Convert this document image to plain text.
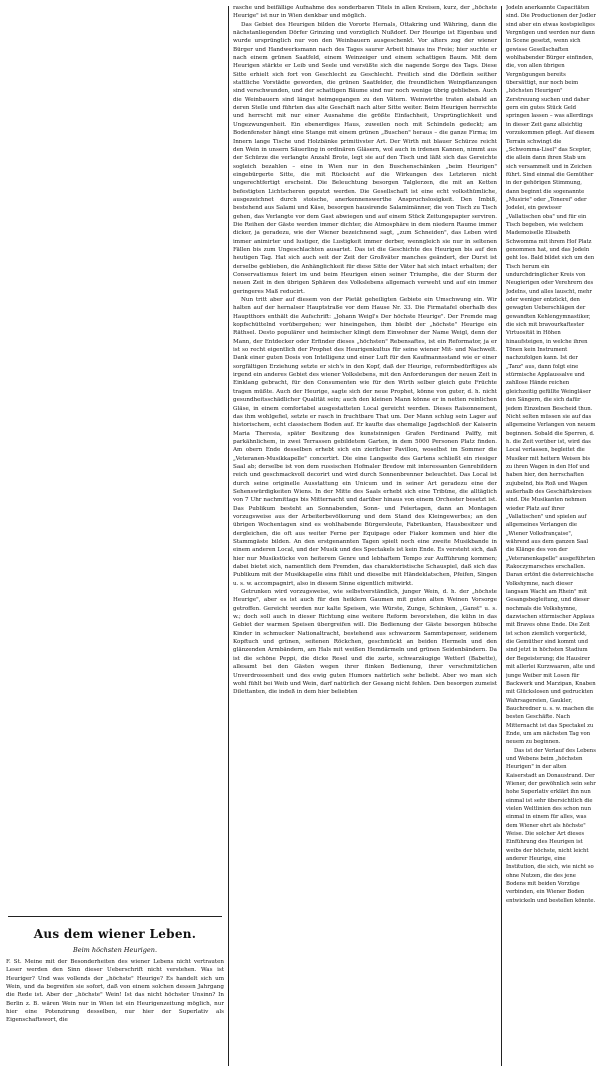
Aus dem wiener Leben.
Beim höchsten Heurigen.

F. St. Meine mit der Besonderheiten des wiener Lebens nicht vertrauten Leser werden den Sinn dieser Ueberschrift nicht verstehen. Was ist Heuriger? Und was vollends der „höchste" Heurige? Es handelt sich um Wein, und da begreifen sie sofort, daß von einem solchen dessen Jahrgang die Rede ist. Aber der „höchste" Wein! Ist das nicht höchster Unsinn? In Berlin z. B. wären Wein nur in Wien ist ein Heurigenzeitung möglich, nur hier eine Potenzirung desselben, nur hier der Superlativ als Eigenschaftswort, die

rasche und beifällige Aufnahme des sonderbaren Titels in allen Kreisen, kurz, der „höchste Heurige" ist nur in Wien denkbar und möglich.

Das Gebiet des Heurigen bilden die Vororte Hernals, Ottakring und Währing, dann die nächstanliegenden Dörfer Grinzing und vorzüglich Nußdorf. Der Heurige ist Eigenbau und wurde ursprünglich nur von den Weinbauern ausgeschenkt. Vor alters zog der wiener Bürger und Handwerksmann nach des Tages saurer Arbeit hinaus ins Freie; hier suchte er nach einem grünen Saatfeld, einem Weinzeiger und einem schattigen Baum. Mit dem Heurigen stärkte er Leib und Seele und versüßte sich die nagende Sorge des Tags. Diese Sitte erhielt sich fort von Geschlecht zu Geschlecht. Freilich sind die Dörflein seither stattliche Vorstädte geworden, die grünen Saatfelder, die freundlichen Weinpflanzungen sind verschwunden, und der schattigen Bäume sind nur noch wenige übrig geblieben. Auch die Weinbauern sind längst heimgegangen zu den Vätern. Weinwirthe traten alsbald an deren Stelle und führten das alte Geschäft nach alter Sitte weiter. Beim Heurigen herrschte und herrscht mit nur einer Ausnahme die größte Einfachheit, Ursprünglichkeit und Ungezwungenheit. Ein ebenerdiges Haus, zuweilen noch mit Schindeln gedeckt; am Bodenfenster hängt eine Stange mit einem grünen „Buschen" heraus – die ganze Firma; im Innern lange Tische und Holzbänke primitivster Art. Der Wirth mit blauer Schürze reicht den Wein in unsern Säuerling in ordinären Gläsern, wol auch in irdenen Kannen, nimmt aus der Schürze die verlangte Anzahl Brote, legt sie auf den Tisch und läßt sich das Gereichte sogleich bezahlen – eine in Wien nur in den Buschenschänken „beim Heurigen" eingebürgerte Sitte, die mit Rücksicht auf die Wirkungen des Letzteren nicht ungerechtfertigt erscheint. Die Beleuchtung besorgen Talglerzen, die mit an Ketten befestigten Lichtscheren geputzt werden. Die Gesellschaft ist eine echt volksthümliche, ausgezeichnet durch stoische, anerkennenswerthe Anspruchslosigkeit. Den Imbiß, bestehend aus Salami und Käse, besorgen hausirende Salamimänner, die von Tisch zu Tisch gehen, das Verlangte vor dem Gast abwiegen und auf einem Stück Zeitungspapier serviren. Die Reihen der Gäste werden immer dichter, die Atmosphäre in dem niedern Raume immer dicker, ja geradezu, wie der Wiener bezeichnend sagt, „zum Schneiden", das Leben wird immer animirter und lustiger, die Lustigkeit immer derber, wenngleich sie nur in seltenen Fällen bis zum Ungeschlachten ausartet. Das ist die Geschichte des Heurigen bis auf den heutigen Tag. Hat sich auch seit der Zeit der Großväter manches geändert, der Durst ist derselbe geblieben, die Anhänglichkeit für diese Sitte der Väter hat sich intact erhalten; der Conservatismus feiert im und beim Heurigen einen seiner Triumphe, die der Sturm der neuen Zeit in den übrigen Sphären des Volkslebens allgemach verweht und auf ein immer geringeres Maß reducirt.

Nun tritt aber auf diesem von der Pietät geheiligten Gebiete ein Umschwung ein. Wir halten auf der hernalser Hauptstraße vor dem Hause Nr. 33. Die Firmatafel oberhalb des Hauptthors enthält die Aufschrift: „Johann Weigl's Der höchste Heurige". Der Fremde mag kopfschüttelnd vorübergehen; wer hineingehen, ihm bleibt der „höchste" Heurige ein Räthsel. Desto populärer und heimischer klingt dem Einwohner der Name Weigl, denn der Mann, der Entdecker oder Erfinder dieses „höchsten" Rebensaftes, ist ein Reformator, ja er ist so recht eigentlich der Prophet des Heurigenkultus für seine wiener Mit- und Nachwelt. Dank einer guten Dosis von Intelligenz und einer Luft für den Kaufmannsstand wie er einer sorgfältigen Erziehung setzte er sich's in den Kopf, daß der Heurige, reformbedürftiges als irgend ein anderes Gebiet des wiener Volkslebens, mit den Anforderungen der neuen Zeit in Einklang gebracht, für den Consumenten wie für den Wirth selber gleich gute Früchte tragen müßte. Auch der Heurige, sagte sich der neue Prophet, könne von guter, d. h. nicht gesundheitsschädlicher Qualität sein; auch den kleinen Mann könne er in netten reinlichen Gläse, in einem comfortabel ausgestatteten Local gereicht werden. Dieses Raisonnement, das ihm wohlgefiel, setzte er rasch in fruchtbare That um. Der Mann schlug sein Lager auf historischem, echt classischem Boden auf. Er kaufte das ehemalige Jagdschloß der Kaiserin Maria Theresia, später Besitzung des kunstsinnigen Grafen Ferdinand Palffy, mit parkähnlichem, in zwei Terrassen gebildetem Garten, in dem 5000 Personen Platz finden. Am obern Ende desselben erhebt sich ein zierlicher Pavillon, woselbst im Sommer die „Veteranen-Musikkapelle" concertirt. Die eine Langseite des Gartens schließt ein riesiger Saal ab; derselbe ist von dem russischen Hofmaler Bredow mit interessanten Genrebildern reich und geschmackvoll decorirt und wird durch Sonnenbrenner beleuchtet. Das Local ist durch seine originelle Ausstattung ein Unicum und in seiner Art geradezu eine der Sehenswürdigkeiten Wiens. In der Mitte des Saals erhebt sich eine Tribüne, die alltäglich von 7 Uhr nachmittags bis Mitternacht und darüber hinaus von einem Orchester besetzt ist. Das Publikum besteht an Sonnabenden, Sonn- und Feiertagen, dann an Montagen vorzugsweise aus der Arbeiterbevölkerung und dem Stand des Kleingewerbes; an den übrigen Wochentagen sind es wohlhabende Bürgersleute, Fabrikanten, Hausbesitzer und dergleichen, die oft aus weiter Ferne per Equipage oder Fiaker kommen und hier die Stammgäste bilden. An den erstgenannten Tagen spielt noch eine zweite Musikbande in einem anderen Local, und der Musik und des Spectakels ist kein Ende. Es versteht sich, daß hier nur Musikstücke von heiterem Genre und lebhaftem Tempo zur Aufführung kommen; dabei bietet sich, namentlich dem Fremden, das charakteristische Schauspiel, daß sich das Publikum mit der Musikkapelle eins fühlt und dieselbe mit Händeklatschen, Pfeifen, Singen u. s. w. accompagnirt, also in diesem Sinne eigentlich mitwirkt.

Getrunken wird vorzugsweise, wie selbstverständlich, junger Wein, d. h. der „höchste Heurige", aber es ist auch für den heiklern Gaumen mit guten alten Weinen Vorsorge getroffen. Gereicht werden nur kalte Speisen, wie Würste, Zunge, Schinken, „Ganst" u. s. w.; doch soll auch in dieser Richtung eine weitere Reform bevorstehen, die kühn in das Gebiet der warmen Speisen übergreifen will. Die Bedienung der Gäste besorgen hübsche Kinder in schmucker Nationaltracht, bestehend aus schwarzem Sammtspenser, seidenem Kopftuch und grünen, seitenen Röckchen, geschmückt an beiden Hermeln und den glänzenden Armbändern, am Hals mit weißen Hemdärmeln und grünen Seidenbändern. Da ist die schöne Peppi, die dicke Resel und die zarte, schwarzäugige Wetterl (Babette), allesamt bei den Gästen wegen ihrer flinken Bedienung, ihrer verschmitzlichen Unverdrossenheit und des ewig guten Humors natürlich sehr beliebt. Aber wo man sich wohl fühlt bei Weib und Wein, darf natürlich der Gesang nicht fehlen. Den besorgen zumeist Dilettanten, die indeß in dem hier beliebten

Jodeln anerkannte Capacitäten sind. Die Productionen der Jodler sind aber ein etwas kostspieliges Vergnügen und werden nur dann in Scene gesetzt, wenn sich gewisse Gesellschaften wohlhabender Bürger einfinden, die, von allen übrigen Vergnügungen bereits übersättigt, nur noch beim „höchsten Heurigen" Zerstreuung suchen und daher gern ein gutes Stück Geld springen lassen – was allerdings in dieser Zeit ganz allsichtig vorzukommen pflegt. Auf diesem Terrain schwingt die „Schwomma-Lisel" das Scepter, die allein dann ihren Stab um sich versammelt und in Zeichen führt. Sind einmal die Gemüther in der gehörigen Stimmung, dann beginnt die sogenannte „Musirie" oder „Tonerei" oder Jodelei, ein gewisser „Vallatischen oba" und für ein Tisch begeben, wie welchem Mademoiselle Elisabeth Schwomma mit ihrem Hof Platz genommen hat, und das Jodeln geht los. Bald bildet sich um den Tisch herum ein undurchdringlicher Kreis von Neugierigen oder Verehrern des Jodelns, und alles lauscht, mehr oder weniger entzückt, den gewagten Ueberschlägen der gewandten Kehlengymnastiker, die sich mit bravourkaftester Virtuosität in Höhen hinaufsteigen, in welche ihren Tönen kein Instrument nachzufolgen kann. Ist der „Tanz" aus, dann folgt eine stürmische Applaussalve und zahllose Hände reichen gleichzeitig gefüllte Weingläser den Sängern, die sich dafür jedem Einzelnen Bescheid thun. Nicht selten müssen sie auf das allgemeine Verlangen von neuem beginnen. Sobald die Sperren, d. h. die Zeit vorüber ist, wird das Local verlassen, begleitet die Musiker mit heitern Weisen bis zu ihren Wagen in den Hof und haben hier, den herrschaften zujubelnd, bis Roß und Wagen außerhalb des Geschäftskreises sind. Die Musikanten nehmen wieder Platz auf ihrer „Vallatischen" und spielen auf allgemeines Verlangen die „Wiener Volksfrançaise", während aus dem ganzen Saal die Klänge des von der „Veteranenkapelle" ausgeführten Rakoczymarsches erschallen. Daran ertönt die österreichische Volkshymne, nach dieser langsam Wacht am Rhein" mit Gesangsbegleitung, und dieser nochmals die Volkshymne, dazwischen stürmischer Applaus mit Braves ohne Ende. Die Zeit ist schon ziemlich vorgerückt, die Gemüther sind kommt und sind jetzt in höchsten Stadium der Begeisterung; die Hausirer mit allerlei Kurzwaaren, alte und junge Weiber mit Losen für Backwerk und Marzipan, Knaben mit Glückslosen und gedruckten Wahrsagereien, Gaukler, Bauchredner u. s. w. machen die besten Geschäfte. Nach Mitternacht ist das Spectakel zu Ende, um am nächsten Tag von neuem zu beginnen.

Das ist der Verlauf des Lebens und Webens beim „höchsten Heurigen" in der alten Kaiserstadt an Donaustrand. Der Wiener, der gewöhnlich sein sehr hohe Superlativ erklärt ihn nun einmal ist sehr übersichtlich die vielen Weltlinien des schon nun einmal in einem für alles, was dem Wiener ehrt als höchste" Weise. Die solcher Art dieses Einführung des Heurigen ist weibs der höchste, nicht leicht anderer Heurige, eine Institution, die sich, wie nicht so ohne Nutzen, die des jene Bodens mit beiden Vorzüge verbinden, ein Wiener Boden entwickeln und bestellen könnte.
